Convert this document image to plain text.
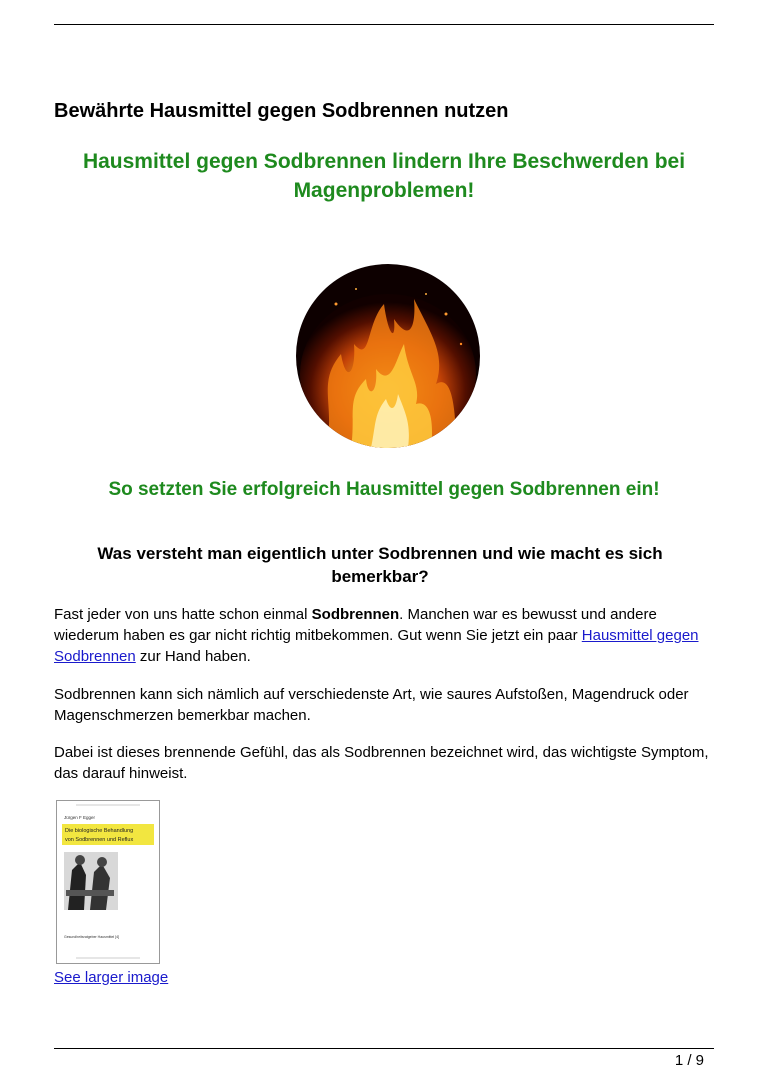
Bewährte Hausmittel gegen Sodbrennen nutzen
Hausmittel gegen Sodbrennen lindern Ihre Beschwerden bei Magenproblemen!
So setzten Sie erfolgreich Hausmittel gegen Sodbrennen ein!
Was versteht man eigentlich unter Sodbrennen und wie macht es sich bemerkbar?

Fast jeder von uns hatte schon einmal Sodbrennen. Manchen war es bewusst und andere wiederum haben es gar nicht richtig mitbekommen. Gut wenn Sie jetzt ein paar Hausmittel gegen Sodbrennen zur Hand haben.

Sodbrennen kann sich nämlich auf verschiedenste Art, wie saures Aufstoßen, Magendruck oder Magenschmerzen bemerkbar machen.

Dabei ist dieses brennende Gefühl, das als Sodbrennen bezeichnet wird, das wichtigste Symptom, das darauf hinweist.

Jürgen F Egger
Die biologische Behandlung
von Sodbrennen und Reflux
Gesundheitsratgeber Hausmittel [4]
See larger image
1 / 9
